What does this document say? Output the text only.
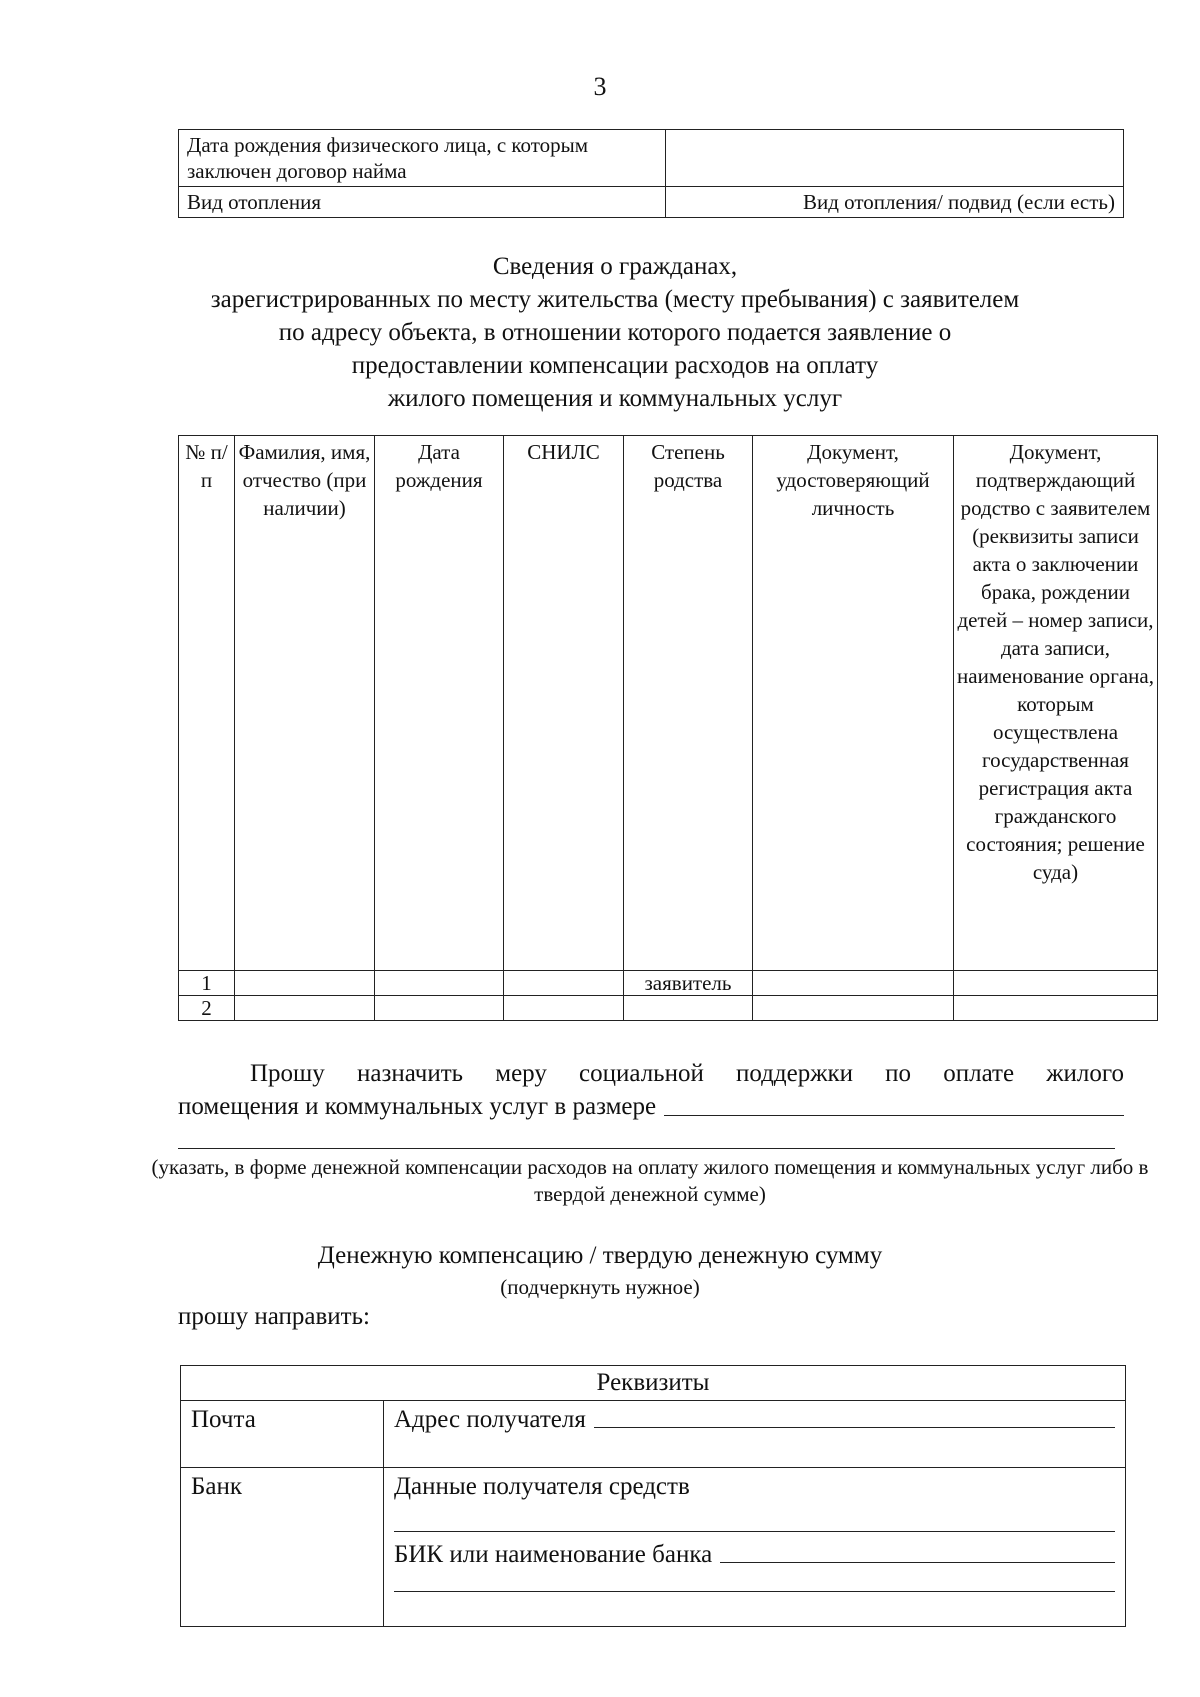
3
Дата рождения физического лица, с которым заключен договор найма	
Вид отопления	Вид отопления/ подвид (если есть)
Сведения о гражданах,
зарегистрированных по месту жительства (месту пребывания) с заявителем
по адресу объекта, в отношении которого подается заявление о
предоставлении компенсации расходов на оплату
жилого помещения и коммунальных услуг
№ п/п	Фамилия, имя, отчество (при наличии)	Дата рождения	СНИЛС	Степень родства	Документ, удостоверяющий личность	Документ, подтверждающий родство с заявителем (реквизиты записи акта о заключении брака, рождении детей – номер записи, дата записи, наименование органа, которым осуществлена государственная регистрация акта гражданского состояния; решение суда)
1				заявитель		
2						
Прошу назначить меру социальной поддержки по оплате жилого
помещения и коммунальных услуг в размере
(указать, в форме денежной компенсации расходов на оплату жилого помещения и коммунальных услуг либо в твердой денежной сумме)
Денежную компенсацию / твердую денежную сумму
(подчеркнуть нужное)
прошу направить:
Реквизиты	
Почта	Адрес получателя

Банк	Данные получателя средств
БИК или наименование банка
